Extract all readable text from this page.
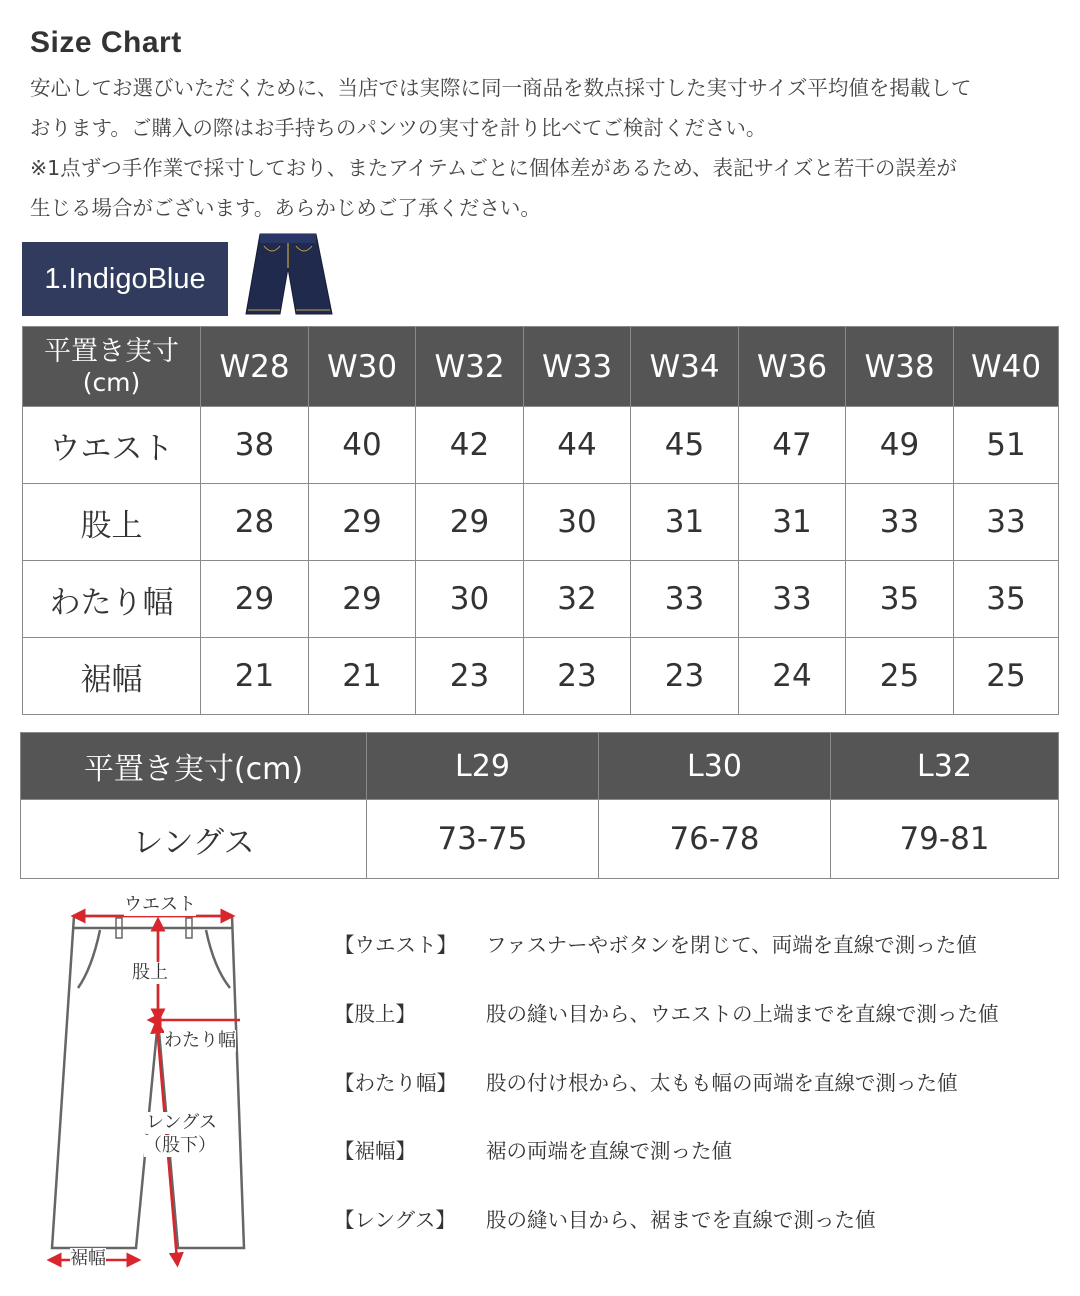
Size Chart

安心してお選びいただくために、当店では実際に同一商品を数点採寸した実寸サイズ平均値を掲載して

おります。ご購入の際はお手持ちのパンツの実寸を計り比べてご検討ください。

※1点ずつ手作業で採寸しており、またアイテムごとに個体差があるため、表記サイズと若干の誤差が

生じる場合がございます。あらかじめご了承ください。

1.IndigoBlue
平置き実寸
(cm)	W28	W30	W32	W33	W34	W36	W38	W40
ウエスト	38	40	42	44	45	47	49	51
股上	28	29	29	30	31	31	33	33
わたり幅	29	29	30	32	33	33	35	35
裾幅	21	21	23	23	23	24	25	25
平置き実寸(cm)	L29	L30	L32
レングス	73-75	76-78	79-81
ウエスト
股上
わたり幅
レングス
（股下）
裾幅
【ウエスト】 ファスナーやボタンを閉じて、両端を直線で測った値
【股上】	股の縫い目から、ウエストの上端までを直線で測った値
【わたり幅】 股の付け根から、太もも幅の両端を直線で測った値
【裾幅】	裾の両端を直線で測った値
【レングス】 股の縫い目から、裾までを直線で測った値
